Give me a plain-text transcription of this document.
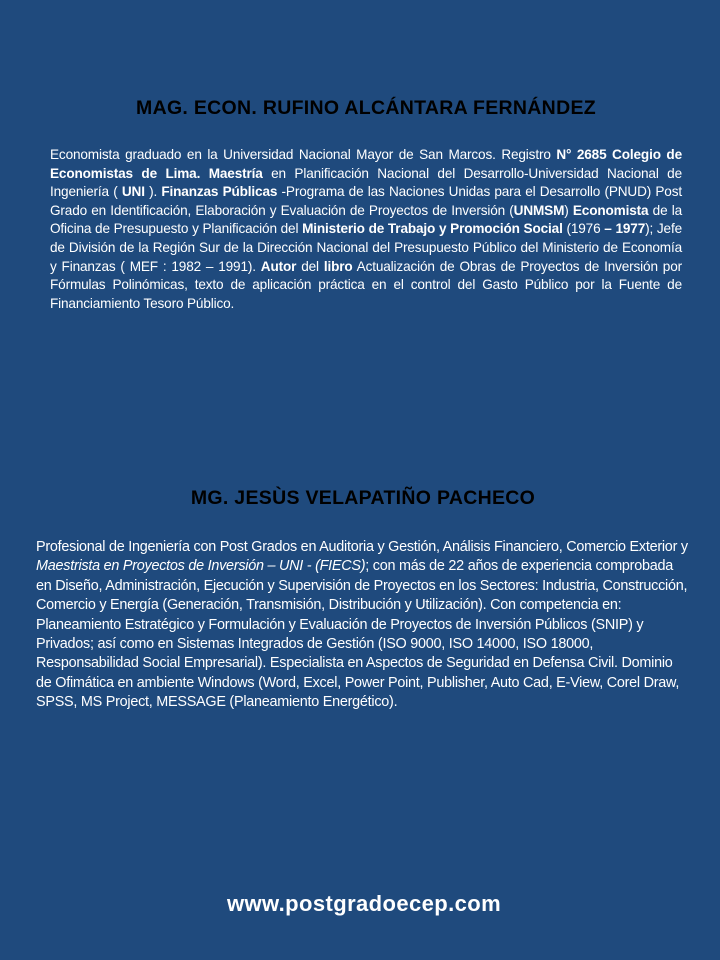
MAG. ECON. RUFINO ALCÁNTARA FERNÁNDEZ

Economista graduado en la Universidad Nacional Mayor de San Marcos. Registro N° 2685 Colegio de Economistas de Lima. Maestría en Planificación Nacional del Desarrollo-Universidad Nacional de Ingeniería ( UNI ). Finanzas Públicas -Programa de las Naciones Unidas para el Desarrollo (PNUD) Post Grado en Identificación, Elaboración y Evaluación de Proyectos de Inversión (UNMSM) Economista de la Oficina de Presupuesto y Planificación del Ministerio de Trabajo y Promoción Social (1976 – 1977); Jefe de División de la Región Sur de la Dirección Nacional del Presupuesto Público del Ministerio de Economía y Finanzas ( MEF : 1982 – 1991). Autor del libro Actualización de Obras de Proyectos de Inversión por Fórmulas Polinómicas, texto de aplicación práctica en el control del Gasto Público por la Fuente de Financiamiento Tesoro Público.

MG. JESÙS VELAPATIÑO PACHECO

Profesional de Ingeniería con Post Grados en Auditoria y Gestión, Análisis Financiero, Comercio Exterior y Maestrista en Proyectos de Inversión – UNI - (FIECS); con más de 22 años de experiencia comprobada en Diseño, Administración, Ejecución y Supervisión de Proyectos en los Sectores: Industria, Construcción, Comercio y Energía (Generación, Transmisión, Distribución y Utilización). Con competencia en: Planeamiento Estratégico y Formulación y Evaluación de Proyectos de Inversión Públicos (SNIP) y Privados; así como en Sistemas Integrados de Gestión (ISO 9000, ISO 14000, ISO 18000, Responsabilidad Social Empresarial). Especialista en Aspectos de Seguridad en Defensa Civil. Dominio de Ofimática en ambiente Windows (Word, Excel, Power Point, Publisher, Auto Cad, E-View, Corel Draw, SPSS, MS Project, MESSAGE (Planeamiento Energético).

www.postgradoecep.com
